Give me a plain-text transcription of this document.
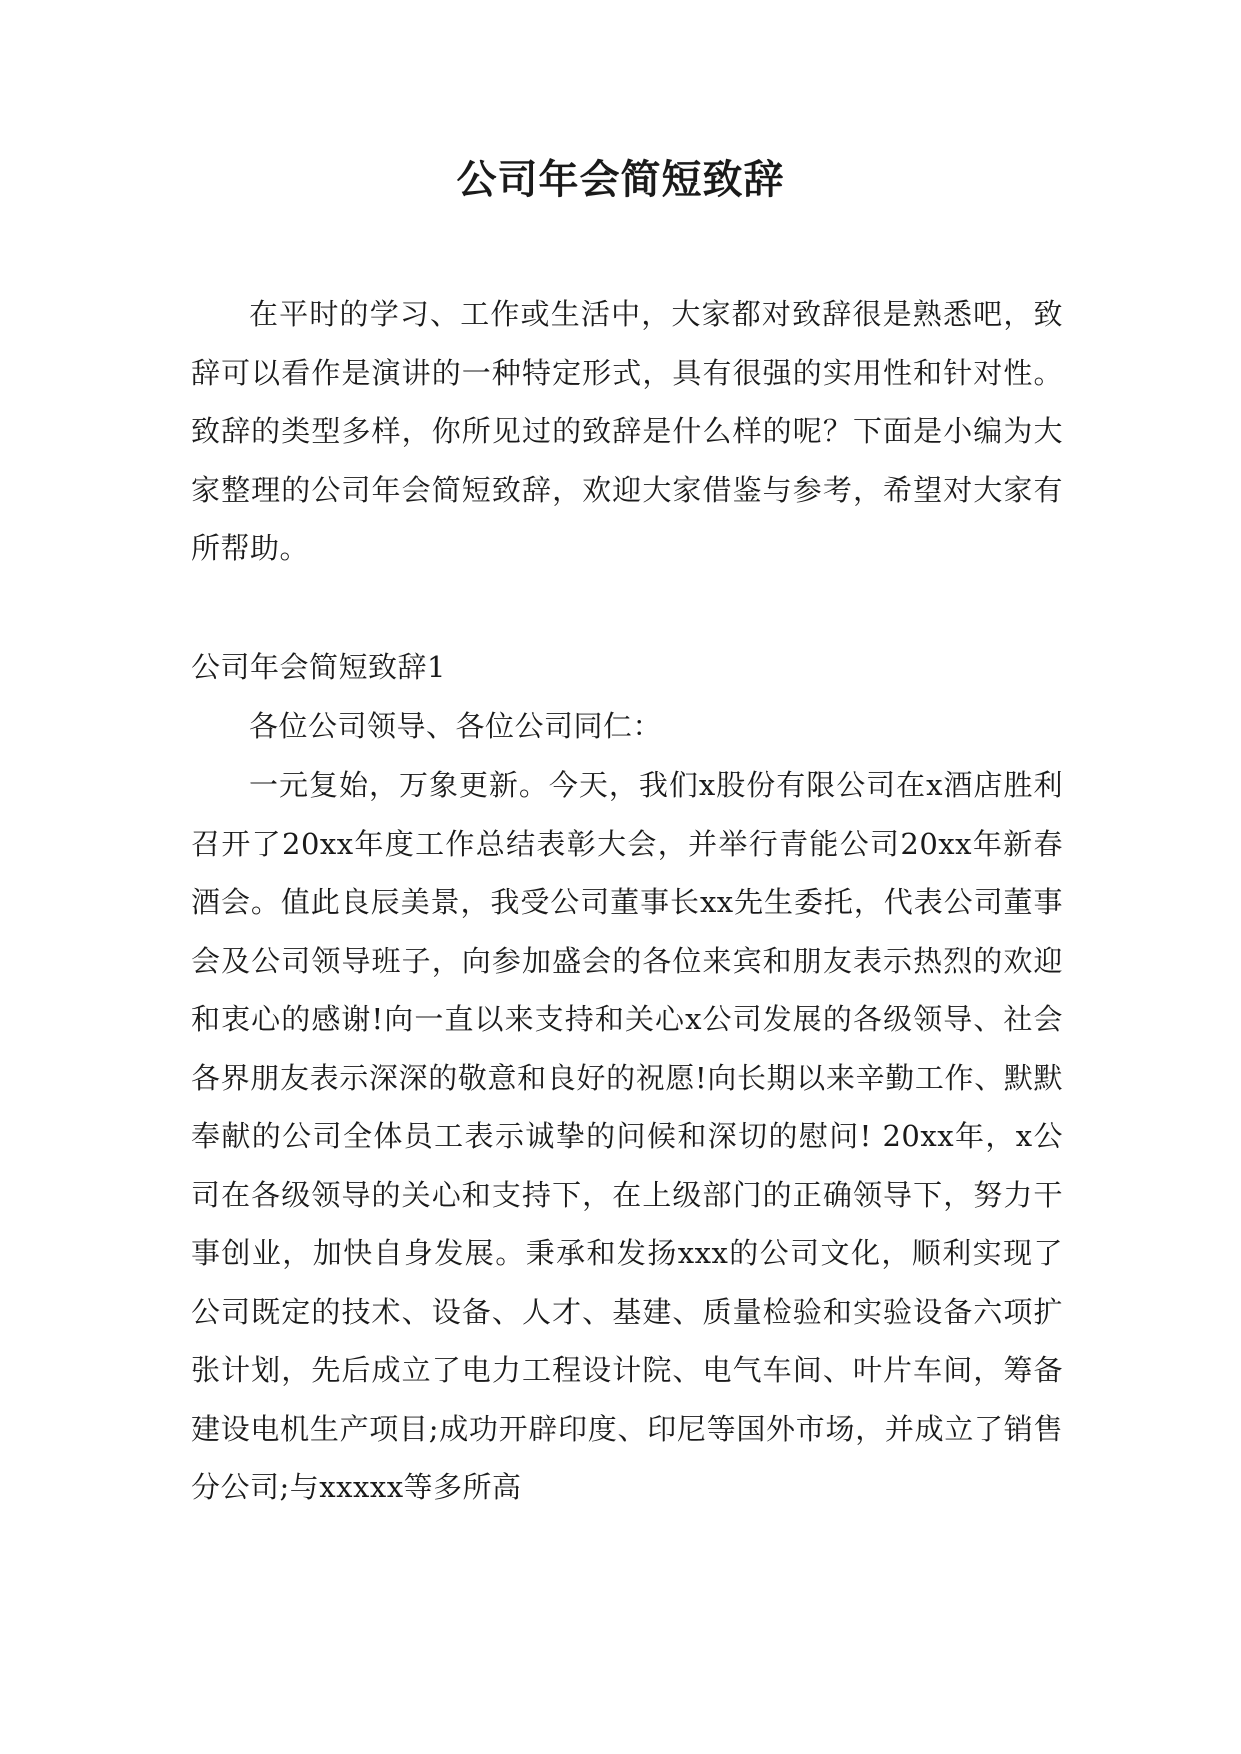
公司年会简短致辞

在平时的学习、工作或生活中，大家都对致辞很是熟悉吧，致辞可以看作是演讲的一种特定形式，具有很强的实用性和针对性。致辞的类型多样，你所见过的致辞是什么样的呢？下面是小编为大家整理的公司年会简短致辞，欢迎大家借鉴与参考，希望对大家有所帮助。

公司年会简短致辞1

各位公司领导、各位公司同仁：

一元复始，万象更新。今天，我们x股份有限公司在x酒店胜利召开了20xx年度工作总结表彰大会，并举行青能公司20xx年新春酒会。值此良辰美景，我受公司董事长xx先生委托，代表公司董事会及公司领导班子，向参加盛会的各位来宾和朋友表示热烈的欢迎和衷心的感谢!向一直以来支持和关心x公司发展的各级领导、社会各界朋友表示深深的敬意和良好的祝愿!向长期以来辛勤工作、默默奉献的公司全体员工表示诚挚的问候和深切的慰问! 20xx年，x公司在各级领导的关心和支持下，在上级部门的正确领导下，努力干事创业，加快自身发展。秉承和发扬xxx的公司文化，顺利实现了公司既定的技术、设备、人才、基建、质量检验和实验设备六项扩张计划，先后成立了电力工程设计院、电气车间、叶片车间，筹备建设电机生产项目;成功开辟印度、印尼等国外市场，并成立了销售分公司;与xxxxx等多所高
